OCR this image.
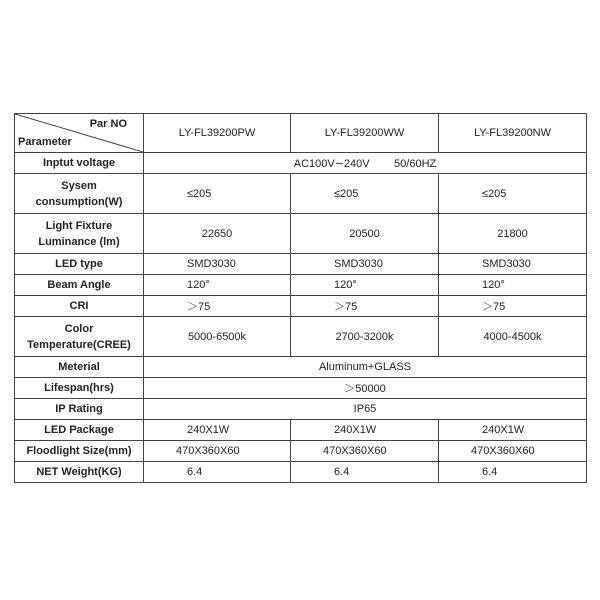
Par NO
Parameter	LY-FL39200PW	LY-FL39200WW	LY-FL39200NW
Inptut voltage	AC100V∼240V        50/60HZ		

Sysem
consumption(W)	≤205	≤205	≤205

Light Fixture
Luminance (lm)	22650	20500	21800
LED type	SMD3030	SMD3030	SMD3030
Beam Angle	120°	120°	120°
CRI	＞75	＞75	＞75

Color
Temperature(CREE)	5000-6500k	2700-3200k	4000-4500k
Meterial	Aluminum+GLASS		
Lifespan(hrs)	＞50000		
IP Rating	IP65		
LED Package	240X1W	240X1W	240X1W
Floodlight Size(mm)	470X360X60	470X360X60	470X360X60
NET Weight(KG)	6.4	6.4	6.4
